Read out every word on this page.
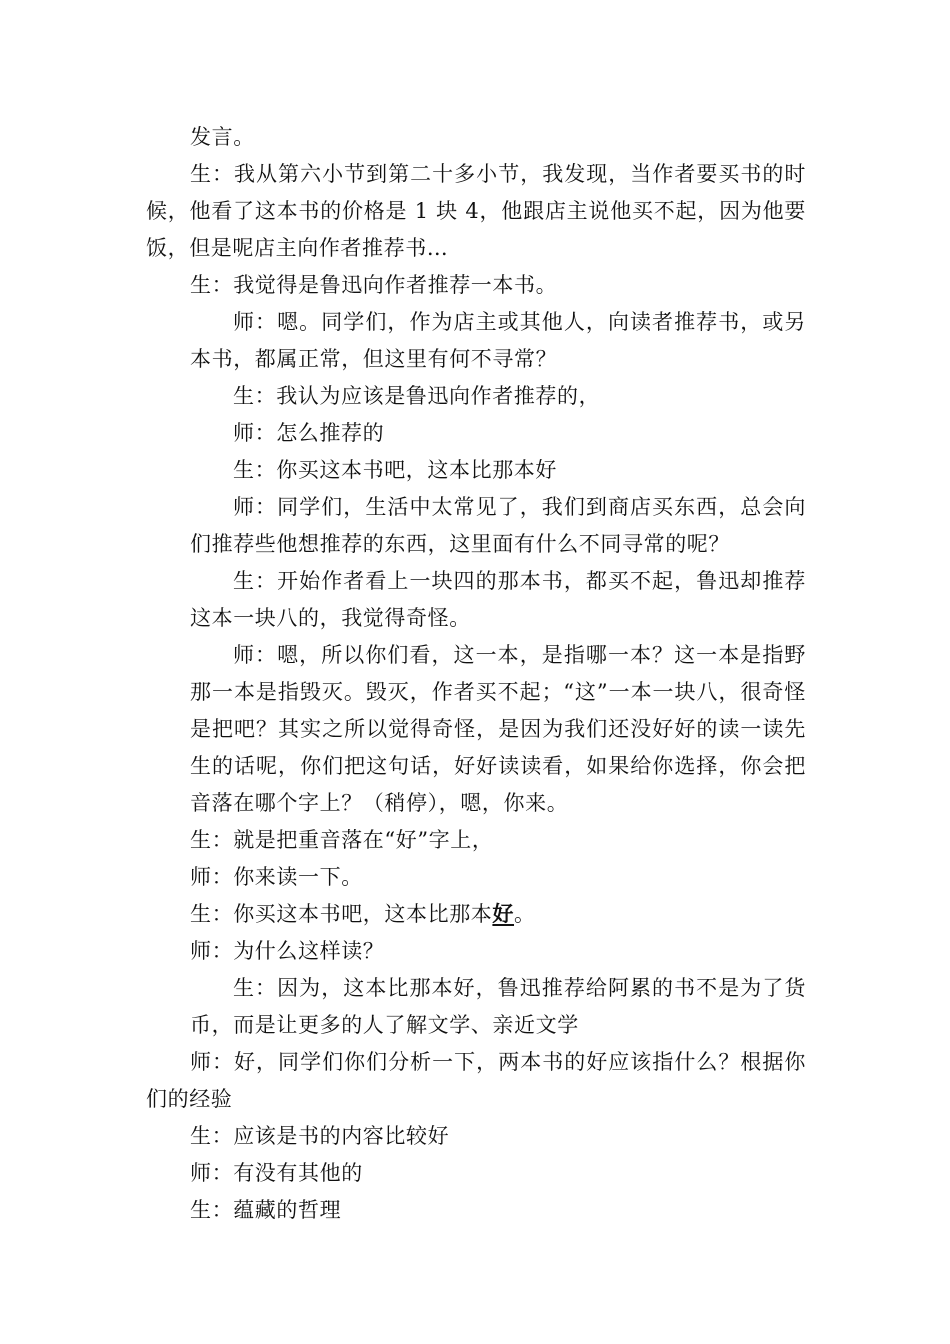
发言。
生：我从第六小节到第二十多小节，我发现，当作者要买书的时
候，他看了这本书的价格是 1 块 4，他跟店主说他买不起，因为他要
饭，但是呢店主向作者推荐书…
生：我觉得是鲁迅向作者推荐一本书。
师：嗯。同学们，作为店主或其他人，向读者推荐书，或另
本书，都属正常，但这里有何不寻常？
生：我认为应该是鲁迅向作者推荐的，
师：怎么推荐的
生：你买这本书吧，这本比那本好
师：同学们，生活中太常见了，我们到商店买东西，总会向
们推荐些他想推荐的东西，这里面有什么不同寻常的呢？
生：开始作者看上一块四的那本书，都买不起，鲁迅却推荐
这本一块八的，我觉得奇怪。
师：嗯，所以你们看，这一本，是指哪一本？这一本是指野
那一本是指毁灭。毁灭，作者买不起；“这”一本一块八，很奇怪
是把吧？其实之所以觉得奇怪，是因为我们还没好好的读一读先
生的话呢，你们把这句话，好好读读看，如果给你选择，你会把
音落在哪个字上？（稍停），嗯，你来。
生：就是把重音落在“好”字上，
师：你来读一下。
生：你买这本书吧，这本比那本好。
师：为什么这样读？
生：因为，这本比那本好，鲁迅推荐给阿累的书不是为了货
币，而是让更多的人了解文学、亲近文学
师：好，同学们你们分析一下，两本书的好应该指什么？根据你
们的经验
生：应该是书的内容比较好
师：有没有其他的
生：蕴藏的哲理
